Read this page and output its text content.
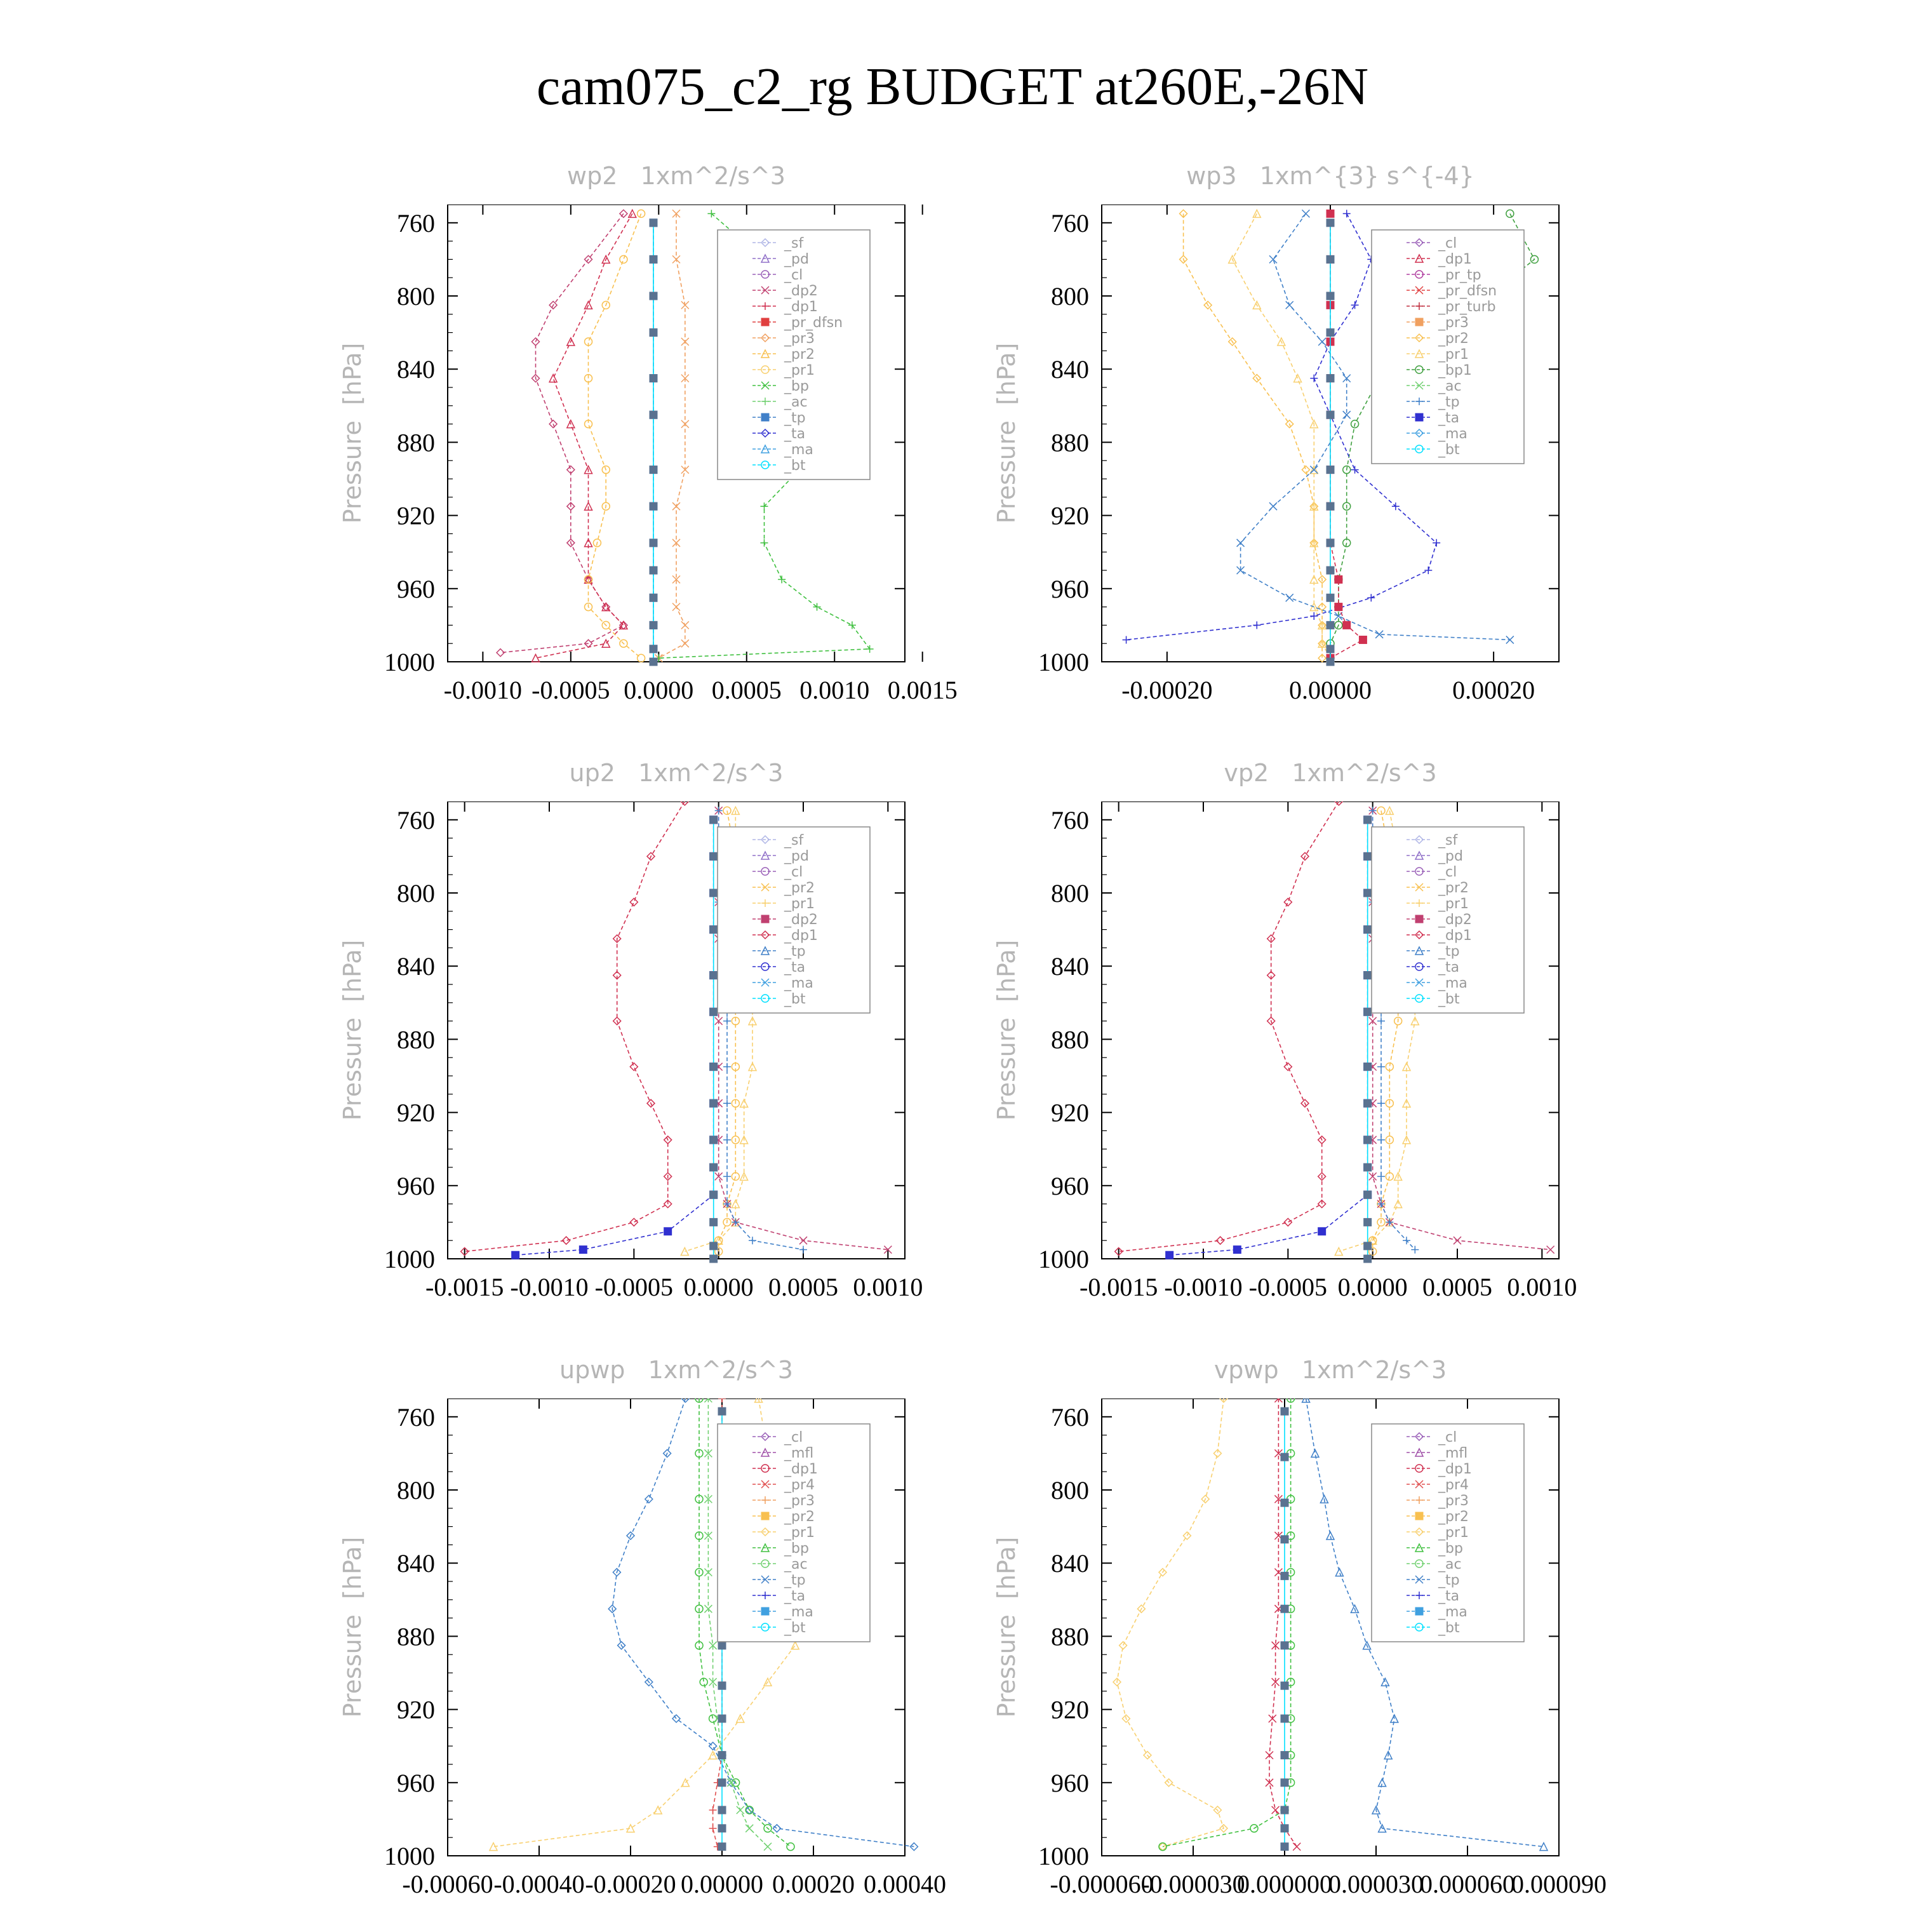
cam075_c2_rg BUDGET at260E,-26N
wp2   1xm^2/s^3
Pressure  [hPa]
760
800
840
880
920
960
1000
-0.0010 -0.0005 0.0000 0.0005 0.0010 0.0015
_sf
_pd
_cl
_dp2
_dp1
_pr_dfsn
_pr3
_pr2
_pr1
_bp
_ac
_tp
_ta
_ma
_bt
wp3   1xm^{3} s^{-4}
Pressure  [hPa]
760
800
840
880
920
960
1000
-0.00020	0.00000	0.00020
_cl
_dp1
_pr_tp
_pr_dfsn
_pr_turb
_pr3
_pr2
_pr1
_bp1
_ac
_tp
_ta
_ma
_bt
up2   1xm^2/s^3
Pressure  [hPa]
760
800
840
880
920
960
1000
-0.0015 -0.0010 -0.0005 0.0000 0.0005 0.0010
_sf
_pd
_cl
_pr2
_pr1
_dp2
_dp1
_tp
_ta
_ma
_bt
vp2   1xm^2/s^3
Pressure  [hPa]
760
800
840
880
920
960
1000
-0.0015 -0.0010 -0.0005 0.0000 0.0005 0.0010
_sf
_pd
_cl
_pr2
_pr1
_dp2
_dp1
_tp
_ta
_ma
_bt
upwp   1xm^2/s^3
Pressure  [hPa]
760
800
840
880
920
960
1000
-0.00060 -0.00040 -0.00020 0.00000 0.00020 0.00040
_cl
_mfl
_dp1
_pr4
_pr3
_pr2
_pr1
_bp
_ac
_tp
_ta
_ma
_bt
vpwp   1xm^2/s^3
Pressure  [hPa]
760
800
840
880
920
960
1000
-0.000060
-0.000030
0.000000
0.000030
0.000060
0.000090
_cl
_mfl
_dp1
_pr4
_pr3
_pr2
_pr1
_bp
_ac
_tp
_ta
_ma
_bt
